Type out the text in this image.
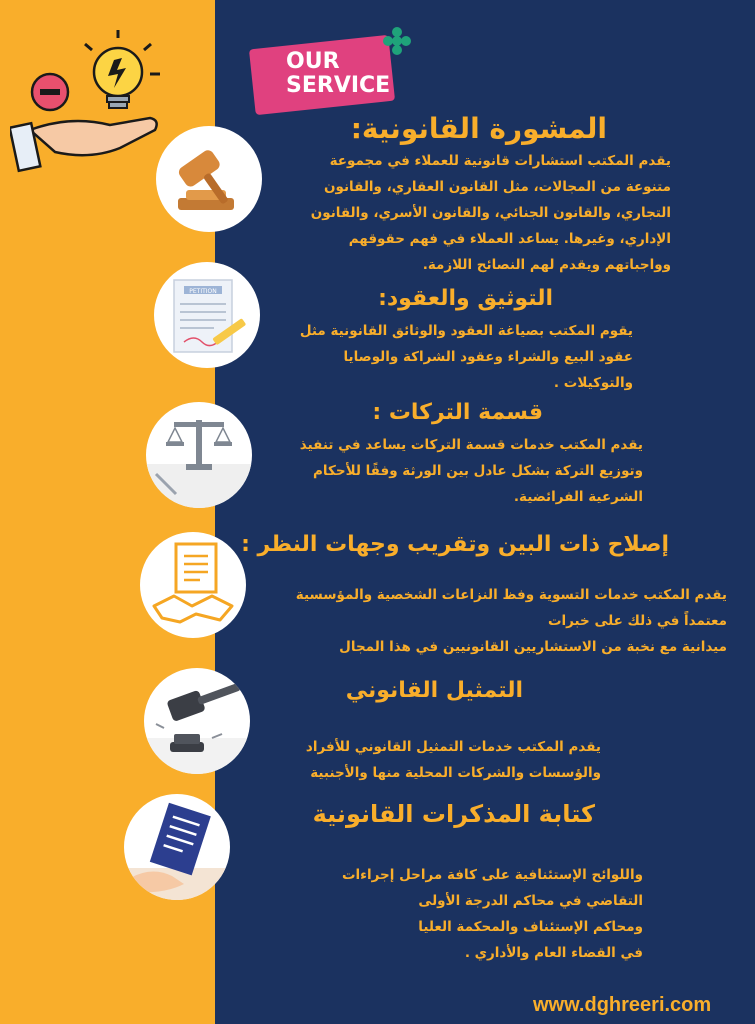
OUR
SERVICE
المشورة القانونية:
يقدم المكتب استشارات قانونية للعملاء في مجموعة
متنوعة من المجالات، مثل القانون العقاري، والقانون
التجاري، والقانون الجنائي، والقانون الأسري، والقانون
الإداري، وغيرها. يساعد العملاء في فهم حقوقهم
وواجباتهم ويقدم لهم النصائح اللازمة.
PETITION	التوثيق والعقود:
يقوم المكتب بصياغة العقود والوثائق القانونية مثل
عقود البيع والشراء وعقود الشراكة والوصايا
والتوكيلات .
قسمة التركات :
يقدم المكتب خدمات قسمة التركات يساعد في تنفيذ
وتوزيع التركة بشكل عادل بين الورثة وفقًا للأحكام
الشرعية الفرائضية.
إصلاح ذات البين وتقريب وجهات النظر :
يقدم المكتب خدمات التسوية وفظ النزاعات الشخصية والمؤسسية
معتمداً في ذلك على خبرات
ميدانية مع نخبة من الاستشاريين القانونيين في هذا المجال
التمثيل القانوني
يقدم المكتب خدمات التمثيل القانوني للأفراد
والؤسسات والشركات المحلية منها والأجنبية
كتابة المذكرات القانونية
واللوائح الإستئنافية على كافة مراحل إجراءات
التقاضي في محاكم الدرجة الأولى
ومحاكم الإستئناف والمحكمة العليا
في القضاء العام والأداري .
www.dghreeri.com
